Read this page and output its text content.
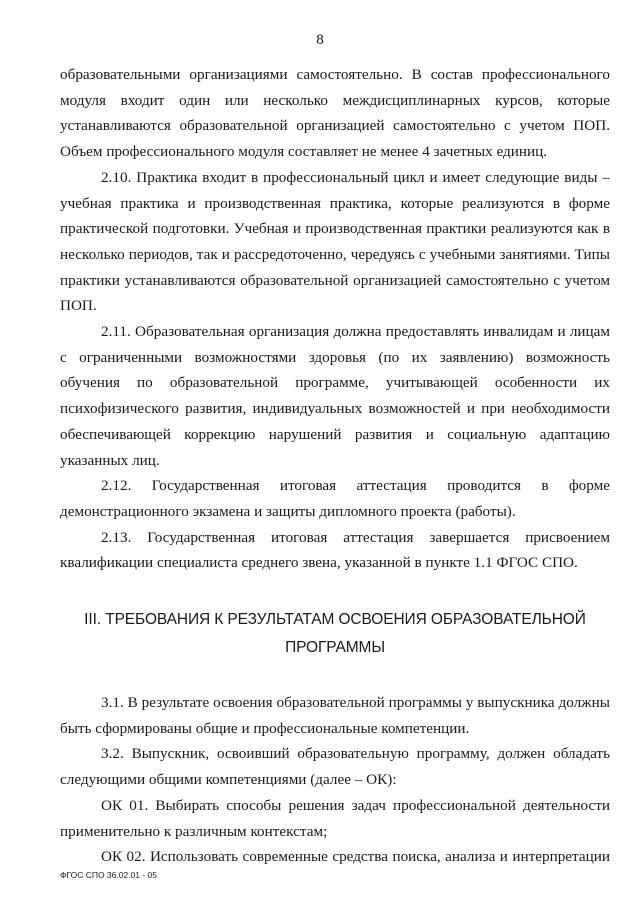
8

образовательными организациями самостоятельно. В состав профессионального модуля входит один или несколько междисциплинарных курсов, которые устанавливаются образовательной организацией самостоятельно с учетом ПОП. Объем профессионального модуля составляет не менее 4 зачетных единиц.

2.10. Практика входит в профессиональный цикл и имеет следующие виды – учебная практика и производственная практика, которые реализуются в форме практической подготовки. Учебная и производственная практики реализуются как в несколько периодов, так и рассредоточенно, чередуясь с учебными занятиями. Типы практики устанавливаются образовательной организацией самостоятельно с учетом ПОП.

2.11. Образовательная организация должна предоставлять инвалидам и лицам с ограниченными возможностями здоровья (по их заявлению) возможность обучения по образовательной программе, учитывающей особенности их психофизического развития, индивидуальных возможностей и при необходимости обеспечивающей коррекцию нарушений развития и социальную адаптацию указанных лиц.

2.12. Государственная итоговая аттестация проводится в форме демонстрационного экзамена и защиты дипломного проекта (работы).

2.13. Государственная итоговая аттестация завершается присвоением квалификации специалиста среднего звена, указанной в пункте 1.1 ФГОС СПО.

III. ТРЕБОВАНИЯ К РЕЗУЛЬТАТАМ ОСВОЕНИЯ ОБРАЗОВАТЕЛЬНОЙ
ПРОГРАММЫ

3.1. В результате освоения образовательной программы у выпускника должны быть сформированы общие и профессиональные компетенции.

3.2. Выпускник, освоивший образовательную программу, должен обладать следующими общими компетенциями (далее – ОК):

ОК 01. Выбирать способы решения задач профессиональной деятельности применительно к различным контекстам;

ОК 02. Использовать современные средства поиска, анализа и интерпретации

ФГОС СПО 36.02.01 - 05
